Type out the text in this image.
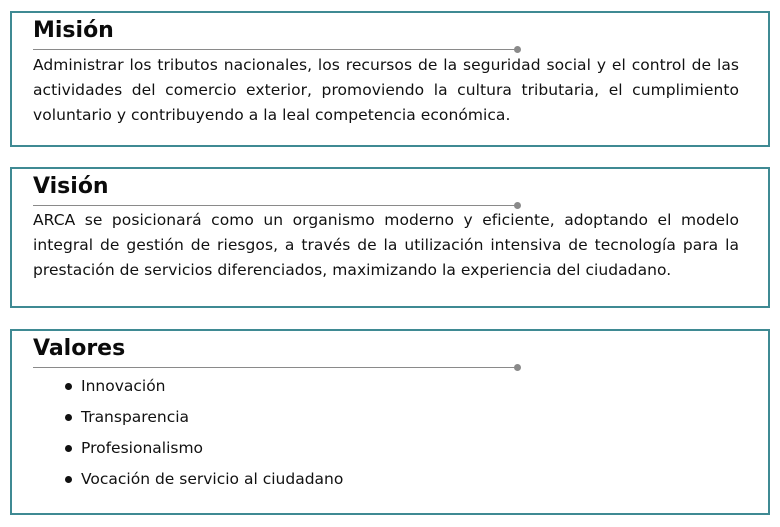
Misión

Administrar los tributos nacionales, los recursos de la seguridad social y el control de las actividades del comercio exterior, promoviendo la cultura tributaria, el cumplimiento voluntario y contribuyendo a la leal competencia económica.

Visión

ARCA se posicionará como un organismo moderno y eficiente, adoptando el modelo integral de gestión de riesgos, a través de la utilización intensiva de tecnología para la prestación de servicios diferenciados, maximizando la experiencia del ciudadano.

Valores
Innovación
Transparencia
Profesionalismo
Vocación de servicio al ciudadano
